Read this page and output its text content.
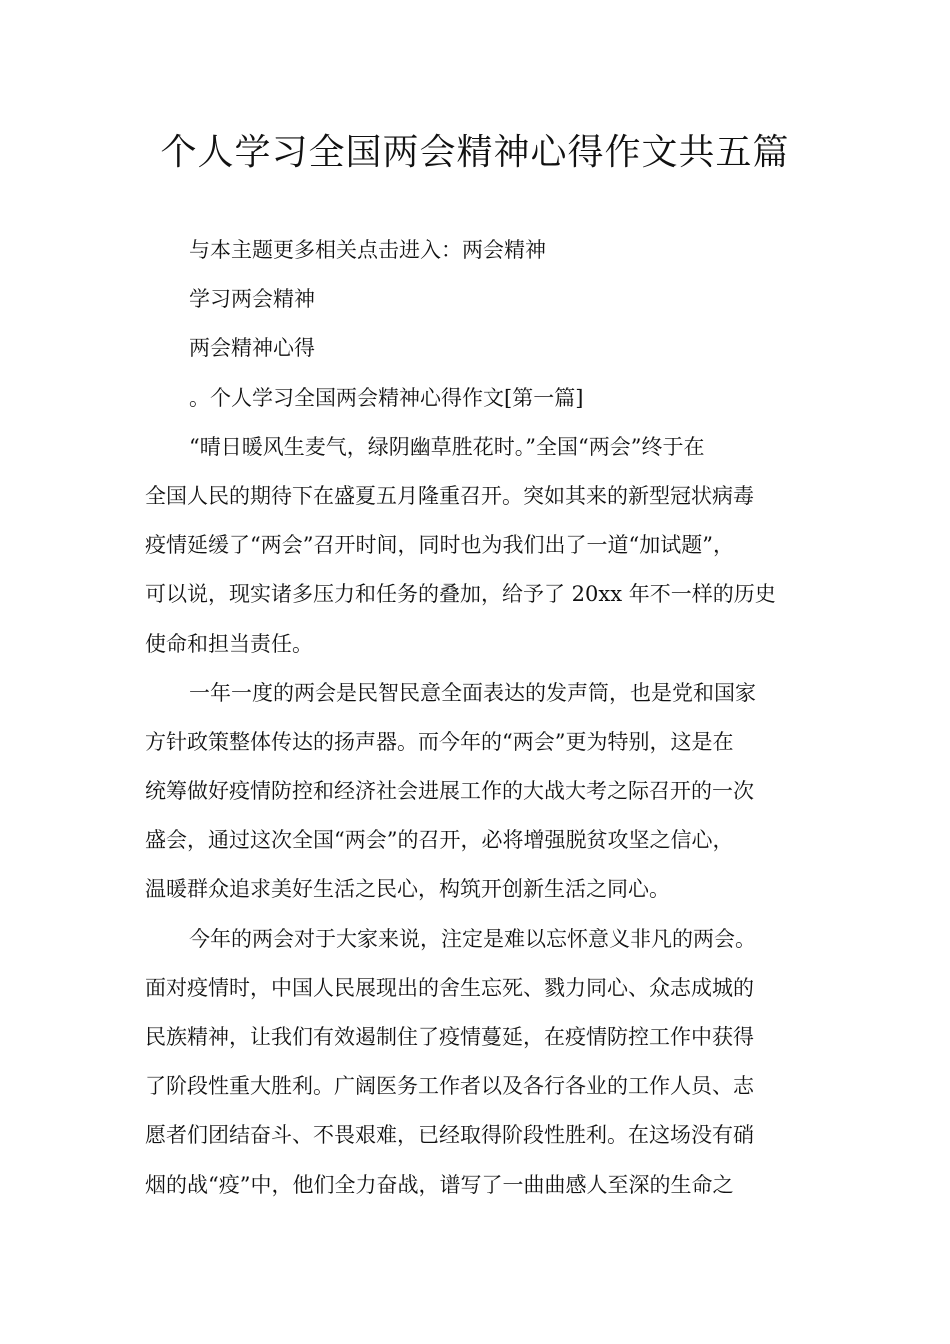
个人学习全国两会精神心得作文共五篇
与本主题更多相关点击进入：两会精神
学习两会精神
两会精神心得
。个人学习全国两会精神心得作文[第一篇]
“晴日暖风生麦气，绿阴幽草胜花时。”全国“两会”终于在
全国人民的期待下在盛夏五月隆重召开。突如其来的新型冠状病毒
疫情延缓了“两会”召开时间，同时也为我们出了一道“加试题”，
可以说，现实诸多压力和任务的叠加，给予了 20xx 年不一样的历史
使命和担当责任。
一年一度的两会是民智民意全面表达的发声筒，也是党和国家
方针政策整体传达的扬声器。而今年的“两会”更为特别，这是在
统筹做好疫情防控和经济社会进展工作的大战大考之际召开的一次
盛会，通过这次全国“两会”的召开，必将增强脱贫攻坚之信心，
温暖群众追求美好生活之民心，构筑开创新生活之同心。
今年的两会对于大家来说，注定是难以忘怀意义非凡的两会。
面对疫情时，中国人民展现出的舍生忘死、戮力同心、众志成城的
民族精神，让我们有效遏制住了疫情蔓延，在疫情防控工作中获得
了阶段性重大胜利。广阔医务工作者以及各行各业的工作人员、志
愿者们团结奋斗、不畏艰难，已经取得阶段性胜利。在这场没有硝
烟的战“疫”中，他们全力奋战，谱写了一曲曲感人至深的生命之
